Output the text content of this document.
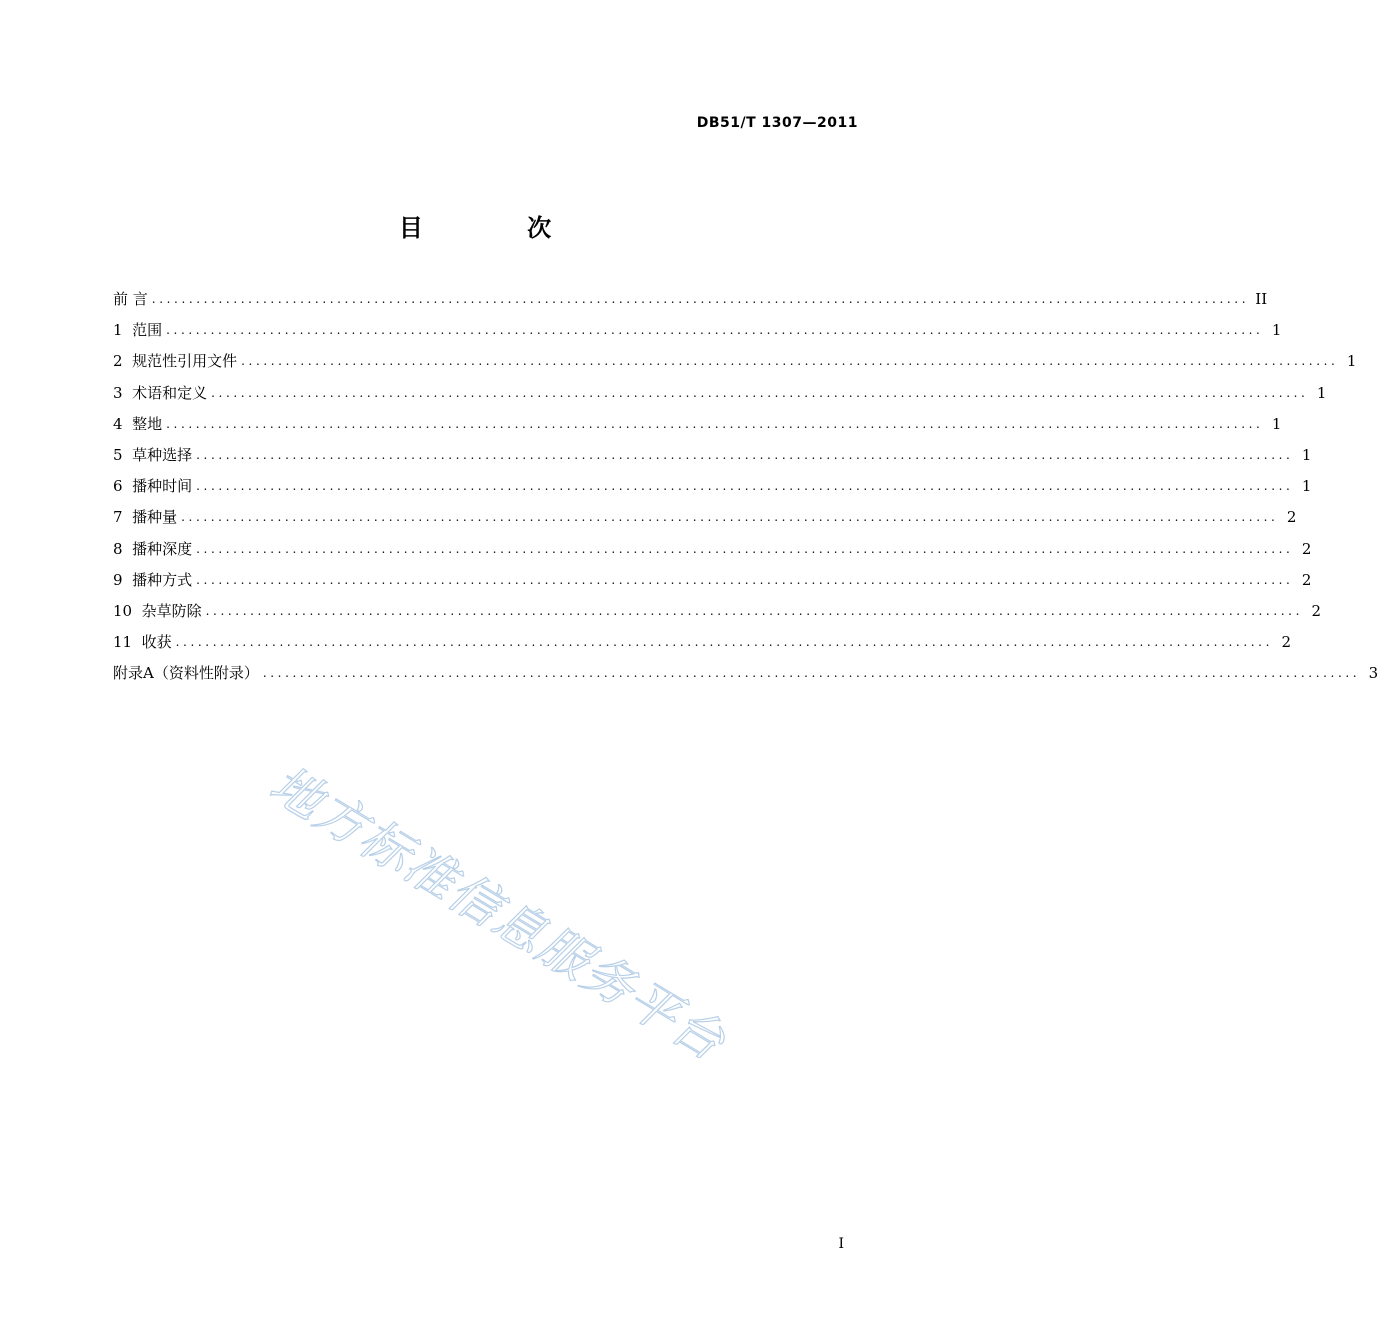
DB51/T 1307—2011
目 次
前 言 .................................................................................................................................................... II
1 范围 .................................................................................................................................................... 1
2 规范性引用文件 .................................................................................................................................................... 1
3 术语和定义 .................................................................................................................................................... 1
4 整地 .................................................................................................................................................... 1
5 草种选择 .................................................................................................................................................... 1
6 播种时间 .................................................................................................................................................... 1
7 播种量 .................................................................................................................................................... 2
8 播种深度 .................................................................................................................................................... 2
9 播种方式 .................................................................................................................................................... 2
10 杂草防除 .................................................................................................................................................... 2
11 收获 .................................................................................................................................................... 2
附录A（资料性附录） .................................................................................................................................................... 3
地方标准信息服务平台
I
